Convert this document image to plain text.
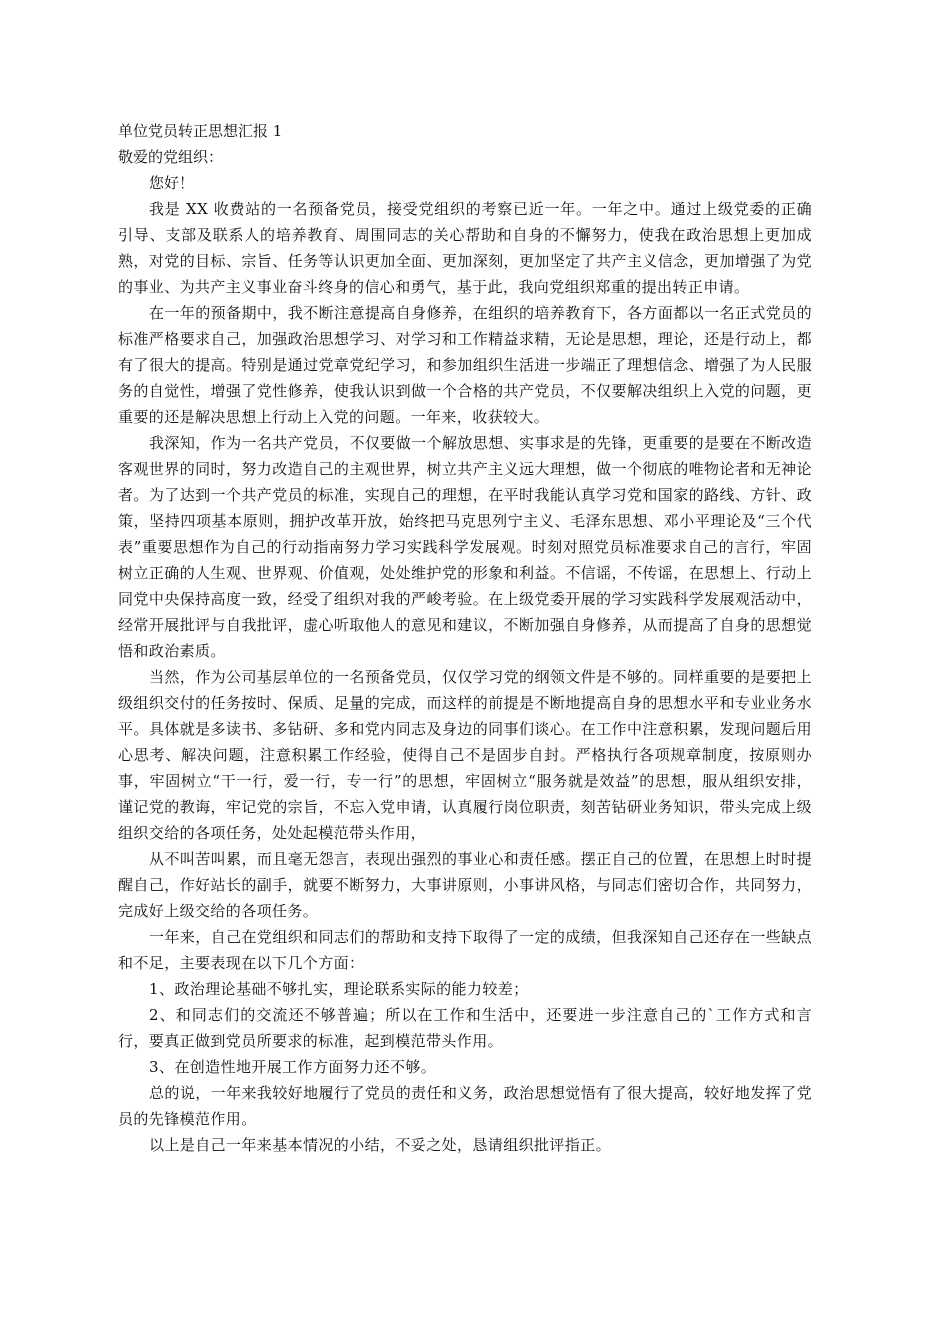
单位党员转正思想汇报 1

敬爱的党组织：

您好！

我是 XX 收费站的一名预备党员，接受党组织的考察已近一年。一年之中。通过上级党委的正确引导、支部及联系人的培养教育、周围同志的关心帮助和自身的不懈努力，使我在政治思想上更加成熟，对党的目标、宗旨、任务等认识更加全面、更加深刻，更加坚定了共产主义信念，更加增强了为党的事业、为共产主义事业奋斗终身的信心和勇气，基于此，我向党组织郑重的提出转正申请。

在一年的预备期中，我不断注意提高自身修养，在组织的培养教育下，各方面都以一名正式党员的标准严格要求自己，加强政治思想学习、对学习和工作精益求精，无论是思想，理论，还是行动上，都有了很大的提高。特别是通过党章党纪学习，和参加组织生活进一步端正了理想信念、增强了为人民服务的自觉性，增强了党性修养，使我认识到做一个合格的共产党员，不仅要解决组织上入党的问题，更重要的还是解决思想上行动上入党的问题。一年来，收获较大。

我深知，作为一名共产党员，不仅要做一个解放思想、实事求是的先锋，更重要的是要在不断改造客观世界的同时，努力改造自己的主观世界，树立共产主义远大理想，做一个彻底的唯物论者和无神论者。为了达到一个共产党员的标准，实现自己的理想，在平时我能认真学习党和国家的路线、方针、政策，坚持四项基本原则，拥护改革开放，始终把马克思列宁主义、毛泽东思想、邓小平理论及“三个代表”重要思想作为自己的行动指南努力学习实践科学发展观。时刻对照党员标准要求自己的言行，牢固树立正确的人生观、世界观、价值观，处处维护党的形象和利益。不信谣，不传谣，在思想上、行动上同党中央保持高度一致，经受了组织对我的严峻考验。在上级党委开展的学习实践科学发展观活动中，经常开展批评与自我批评，虚心听取他人的意见和建议，不断加强自身修养，从而提高了自身的思想觉悟和政治素质。

当然，作为公司基层单位的一名预备党员，仅仅学习党的纲领文件是不够的。同样重要的是要把上级组织交付的任务按时、保质、足量的完成，而这样的前提是不断地提高自身的思想水平和专业业务水平。具体就是多读书、多钻研、多和党内同志及身边的同事们谈心。在工作中注意积累，发现问题后用心思考、解决问题，注意积累工作经验，使得自己不是固步自封。严格执行各项规章制度，按原则办事，牢固树立“干一行，爱一行，专一行”的思想，牢固树立“服务就是效益”的思想，服从组织安排，谨记党的教诲，牢记党的宗旨，不忘入党申请，认真履行岗位职责，刻苦钻研业务知识，带头完成上级组织交给的各项任务，处处起模范带头作用，

从不叫苦叫累，而且毫无怨言，表现出强烈的事业心和责任感。摆正自己的位置，在思想上时时提醒自己，作好站长的副手，就要不断努力，大事讲原则，小事讲风格，与同志们密切合作，共同努力，完成好上级交给的各项任务。

一年来，自己在党组织和同志们的帮助和支持下取得了一定的成绩，但我深知自己还存在一些缺点和不足，主要表现在以下几个方面：

1、政治理论基础不够扎实，理论联系实际的能力较差；

2、和同志们的交流还不够普遍；所以在工作和生活中，还要进一步注意自己的`工作方式和言行，要真正做到党员所要求的标准，起到模范带头作用。

3、在创造性地开展工作方面努力还不够。

总的说，一年来我较好地履行了党员的责任和义务，政治思想觉悟有了很大提高，较好地发挥了党员的先锋模范作用。

以上是自己一年来基本情况的小结，不妥之处，恳请组织批评指正。
